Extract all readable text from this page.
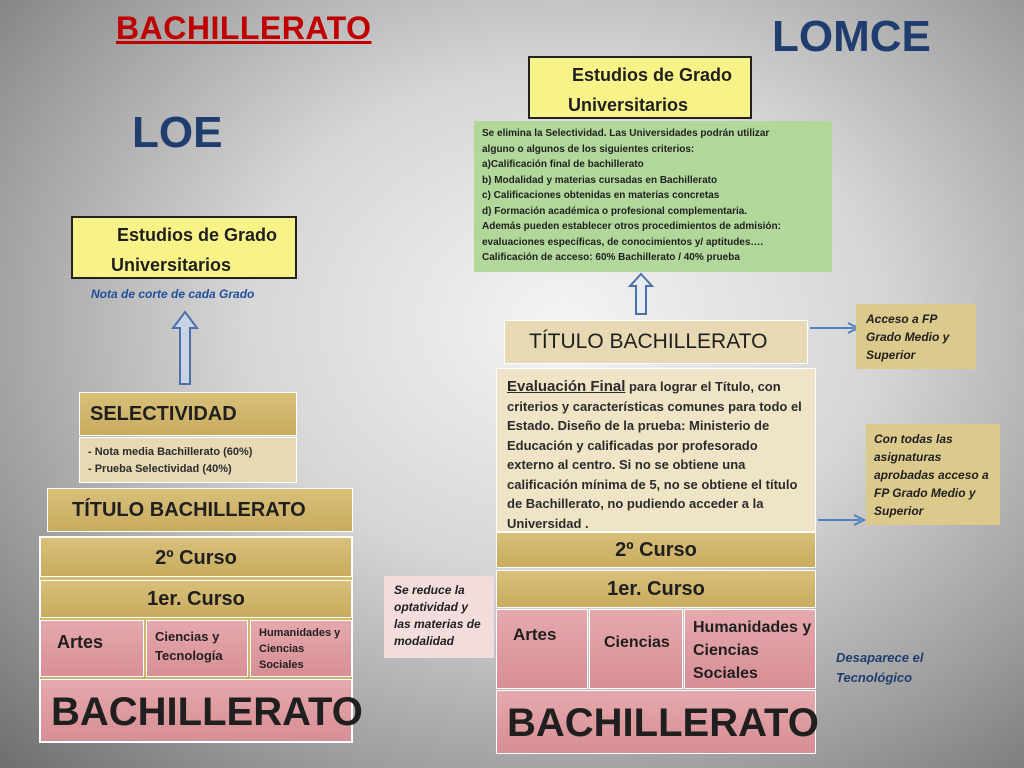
BACHILLERATO	LOMCE
LOE
Estudios de Grado
Universitarios
Nota de corte de cada Grado
SELECTIVIDAD
- Nota media Bachillerato (60%)
- Prueba Selectividad (40%)
TÍTULO BACHILLERATO
2º Curso
1er. Curso
Artes	Ciencias y Tecnología
Humanidades y Ciencias Sociales
BACHILLERATO
Estudios de Grado
Universitarios
Se elimina la Selectividad. Las Universidades podrán utilizar
alguno o algunos de los siguientes criterios:
a)Calificación final de bachillerato
b) Modalidad y materias cursadas en Bachillerato
c) Calificaciones obtenidas en materias concretas
d) Formación académica o profesional complementaria.
Además pueden establecer otros procedimientos de admisión:
evaluaciones específicas, de conocimientos y/ aptitudes….
Calificación de acceso: 60% Bachillerato / 40% prueba
TÍTULO BACHILLERATO
Evaluación Final para lograr el Título, con criterios y características comunes para todo el Estado. Diseño de la prueba: Ministerio de Educación y calificadas por profesorado externo al centro. Si no se obtiene una calificación mínima de 5, no se obtiene el título de Bachillerato, no pudiendo acceder a la Universidad .
2º Curso
1er. Curso
Artes	Ciencias
Humanidades y Ciencias Sociales
BACHILLERATO
Acceso a FP Grado Medio y Superior
Con todas las asignaturas aprobadas acceso a FP Grado Medio y Superior
Se reduce la optatividad y las materias de modalidad
Desaparece el Tecnológico
